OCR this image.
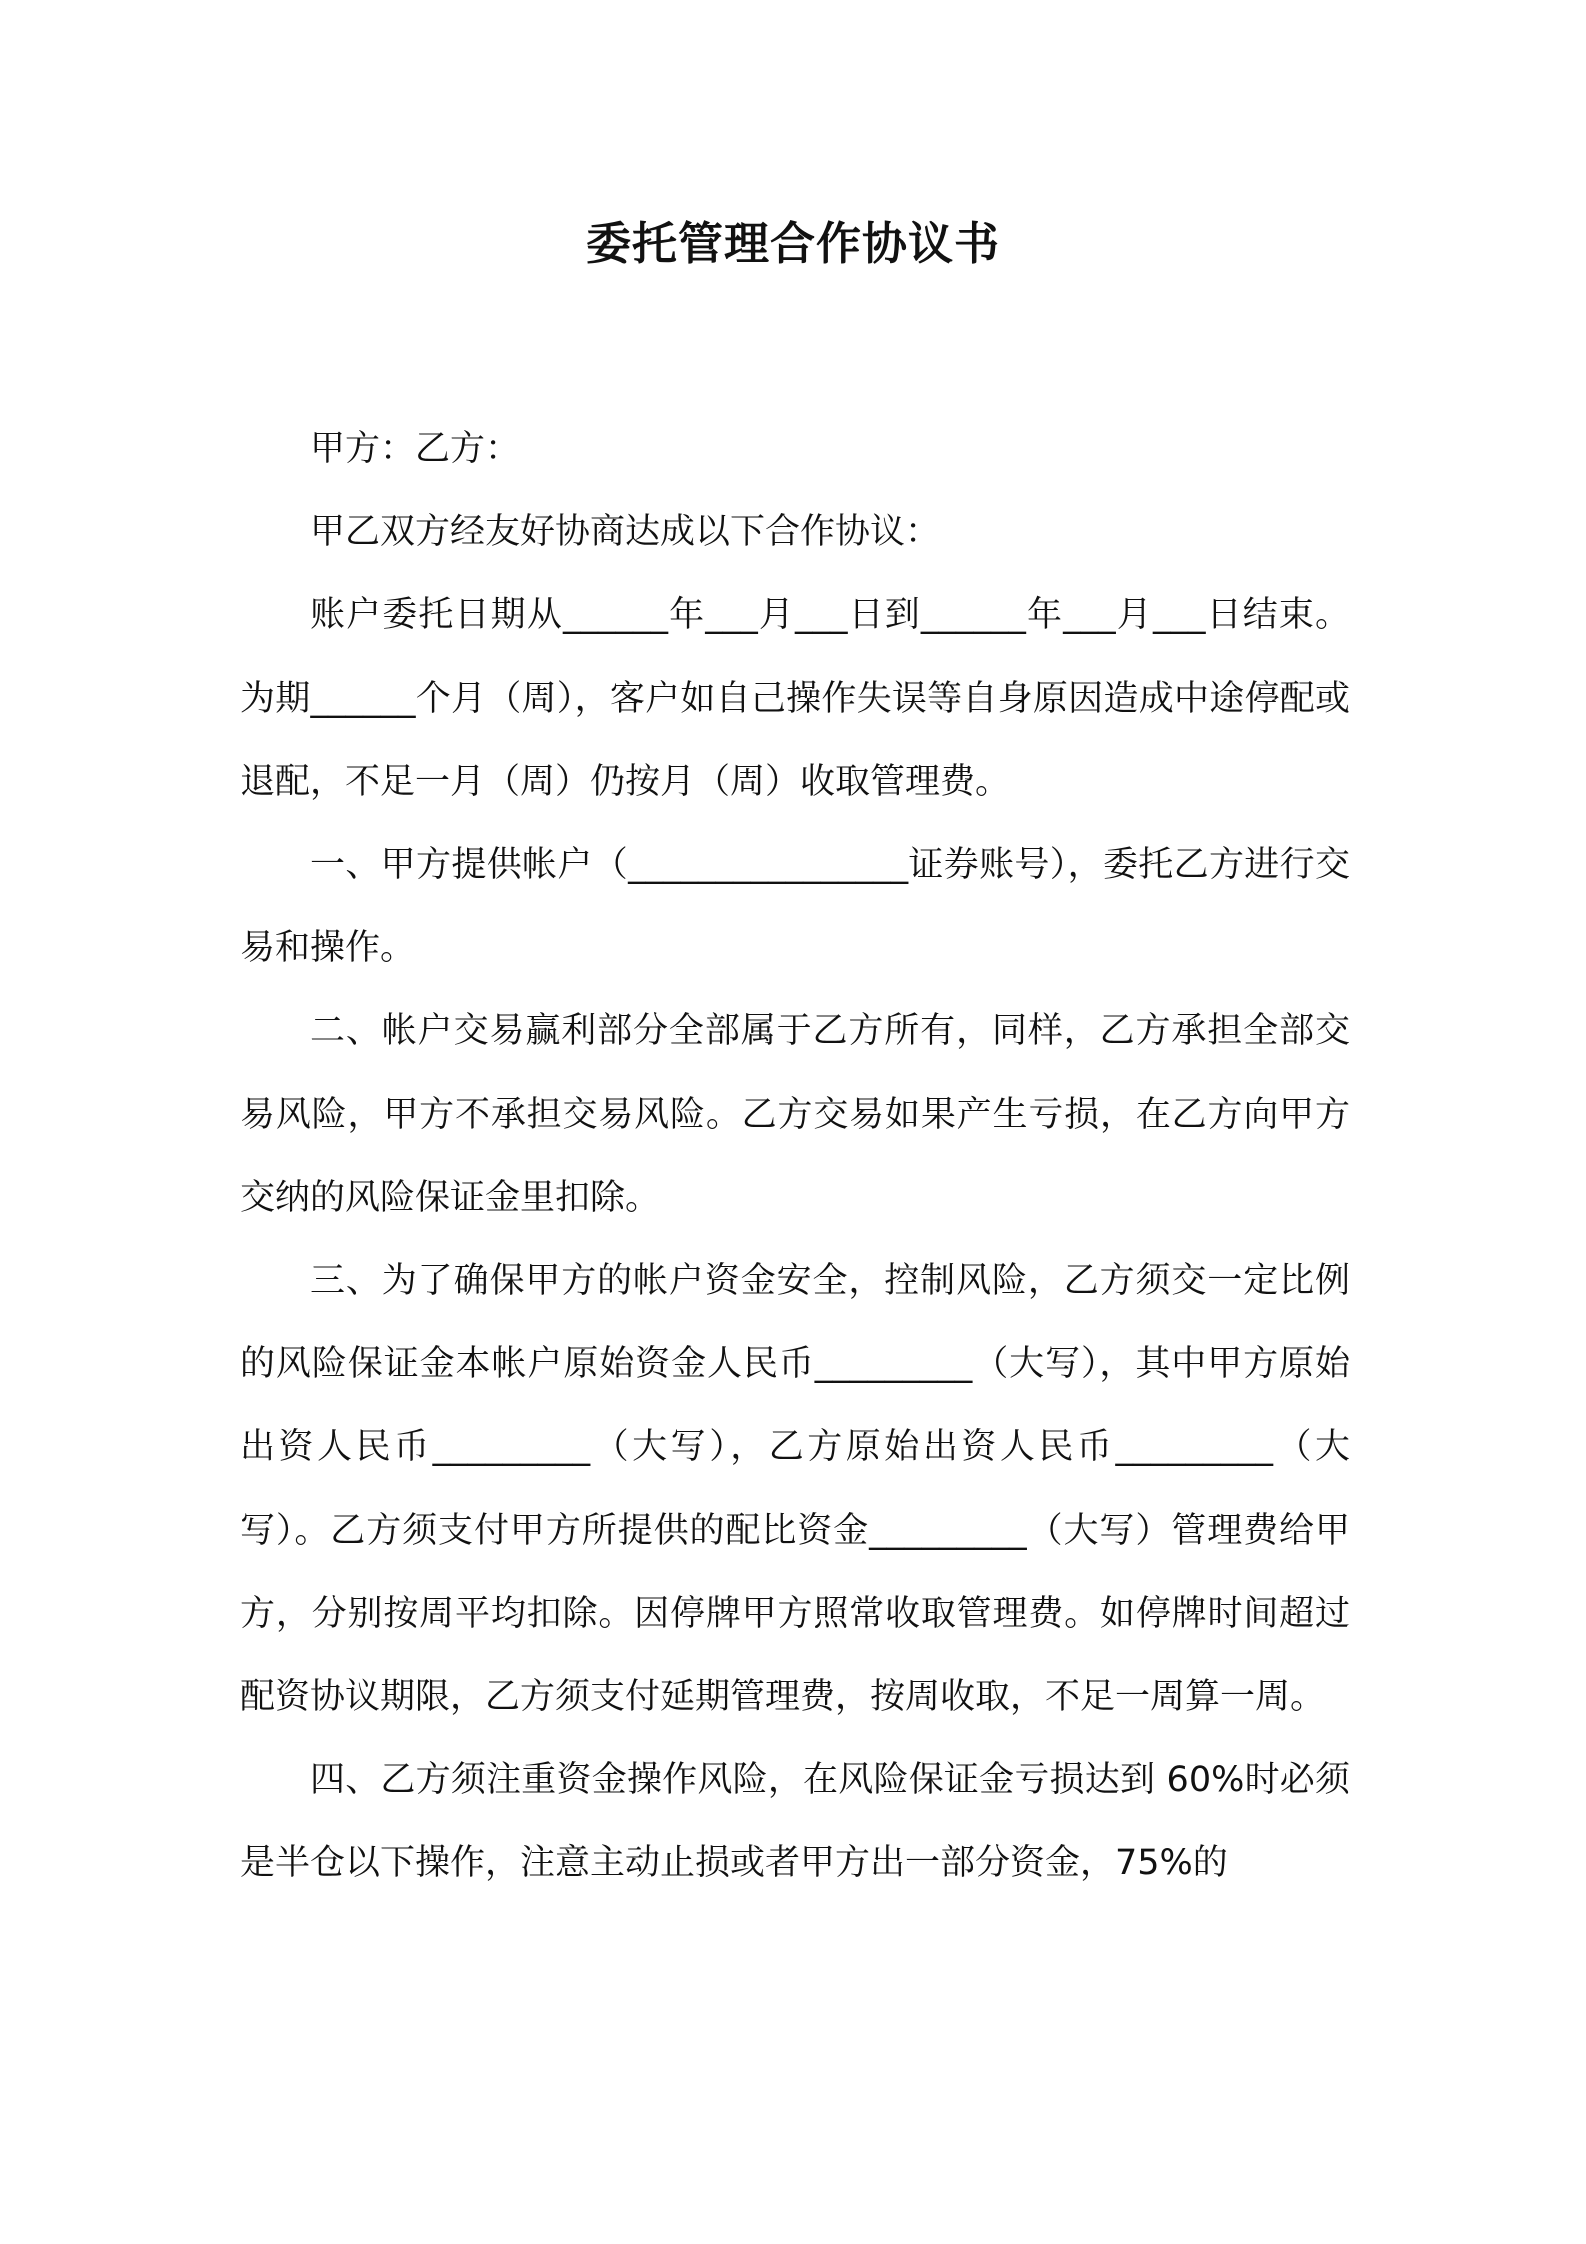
委托管理合作协议书

甲方：乙方：

甲乙双方经友好协商达成以下合作协议：

账户委托日期从______年___月___日到______年___月___日结束。为期______个月（周），客户如自己操作失误等自身原因造成中途停配或退配，不足一月（周）仍按月（周）收取管理费。

一、甲方提供帐户（________________证券账号），委托乙方进行交易和操作。

二、帐户交易赢利部分全部属于乙方所有，同样，乙方承担全部交易风险，甲方不承担交易风险。乙方交易如果产生亏损，在乙方向甲方交纳的风险保证金里扣除。

三、为了确保甲方的帐户资金安全，控制风险，乙方须交一定比例的风险保证金本帐户原始资金人民币_________（大写），其中甲方原始出资人民币_________（大写），乙方原始出资人民币_________（大写）。乙方须支付甲方所提供的配比资金_________（大写）管理费给甲方，分别按周平均扣除。因停牌甲方照常收取管理费。如停牌时间超过配资协议期限，乙方须支付延期管理费，按周收取，不足一周算一周。

四、乙方须注重资金操作风险，在风险保证金亏损达到 60%时必须是半仓以下操作，注意主动止损或者甲方出一部分资金，75%的
